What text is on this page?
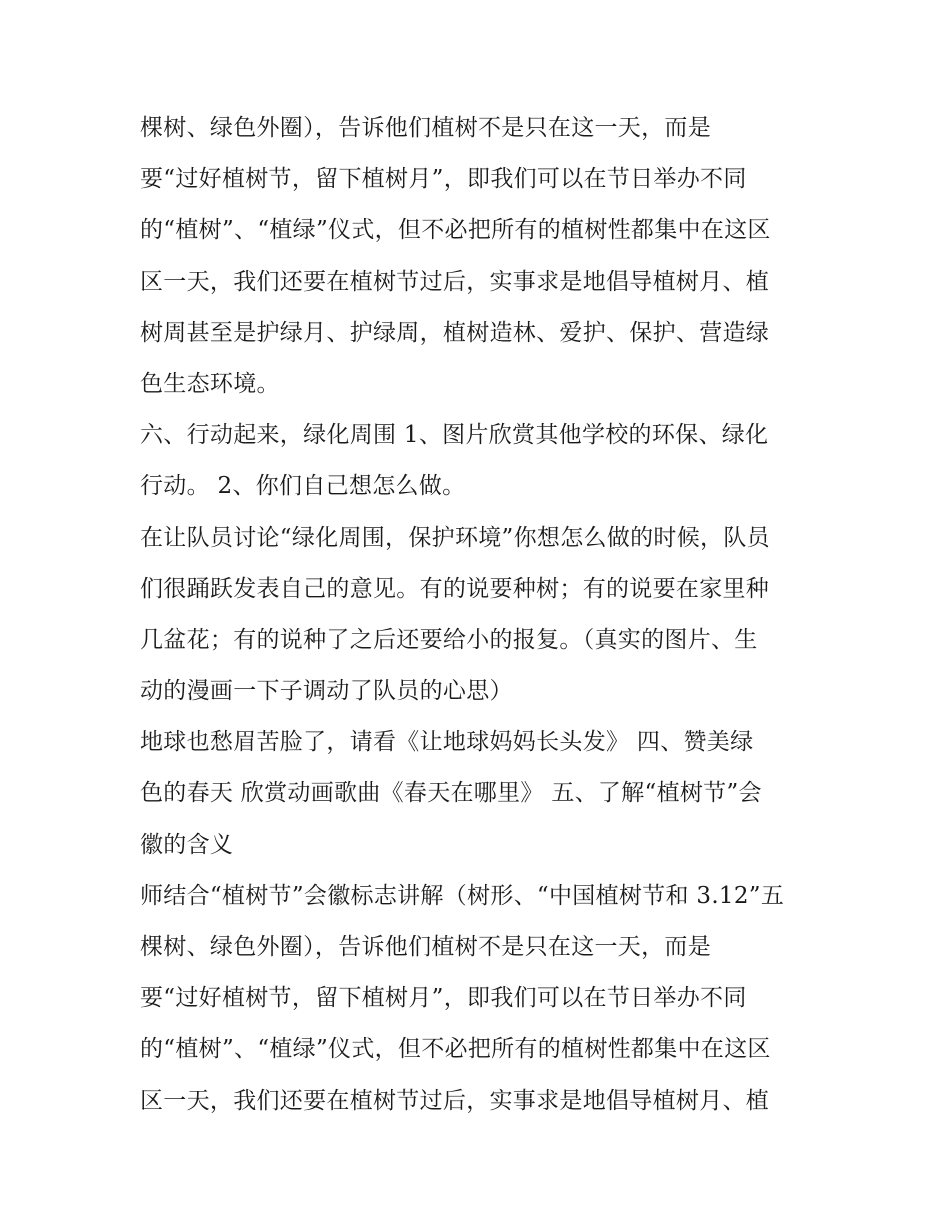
棵树、绿色外圈），告诉他们植树不是只在这一天，而是
要“过好植树节，留下植树月”，即我们可以在节日举办不同
的“植树”、“植绿”仪式，但不必把所有的植树性都集中在这区
区一天，我们还要在植树节过后，实事求是地倡导植树月、植
树周甚至是护绿月、护绿周，植树造林、爱护、保护、营造绿
色生态环境。
六、行动起来，绿化周围 1、图片欣赏其他学校的环保、绿化
行动。 2、你们自己想怎么做。
在让队员讨论“绿化周围，保护环境”你想怎么做的时候，队员
们很踊跃发表自己的意见。有的说要种树；有的说要在家里种
几盆花；有的说种了之后还要给小的报复。（真实的图片、生
动的漫画一下子调动了队员的心思）
地球也愁眉苦脸了，请看《让地球妈妈长头发》 四、赞美绿
色的春天 欣赏动画歌曲《春天在哪里》 五、了解“植树节”会
徽的含义
师结合“植树节”会徽标志讲解（树形、“中国植树节和 3.12”五
棵树、绿色外圈），告诉他们植树不是只在这一天，而是
要“过好植树节，留下植树月”，即我们可以在节日举办不同
的“植树”、“植绿”仪式，但不必把所有的植树性都集中在这区
区一天，我们还要在植树节过后，实事求是地倡导植树月、植
